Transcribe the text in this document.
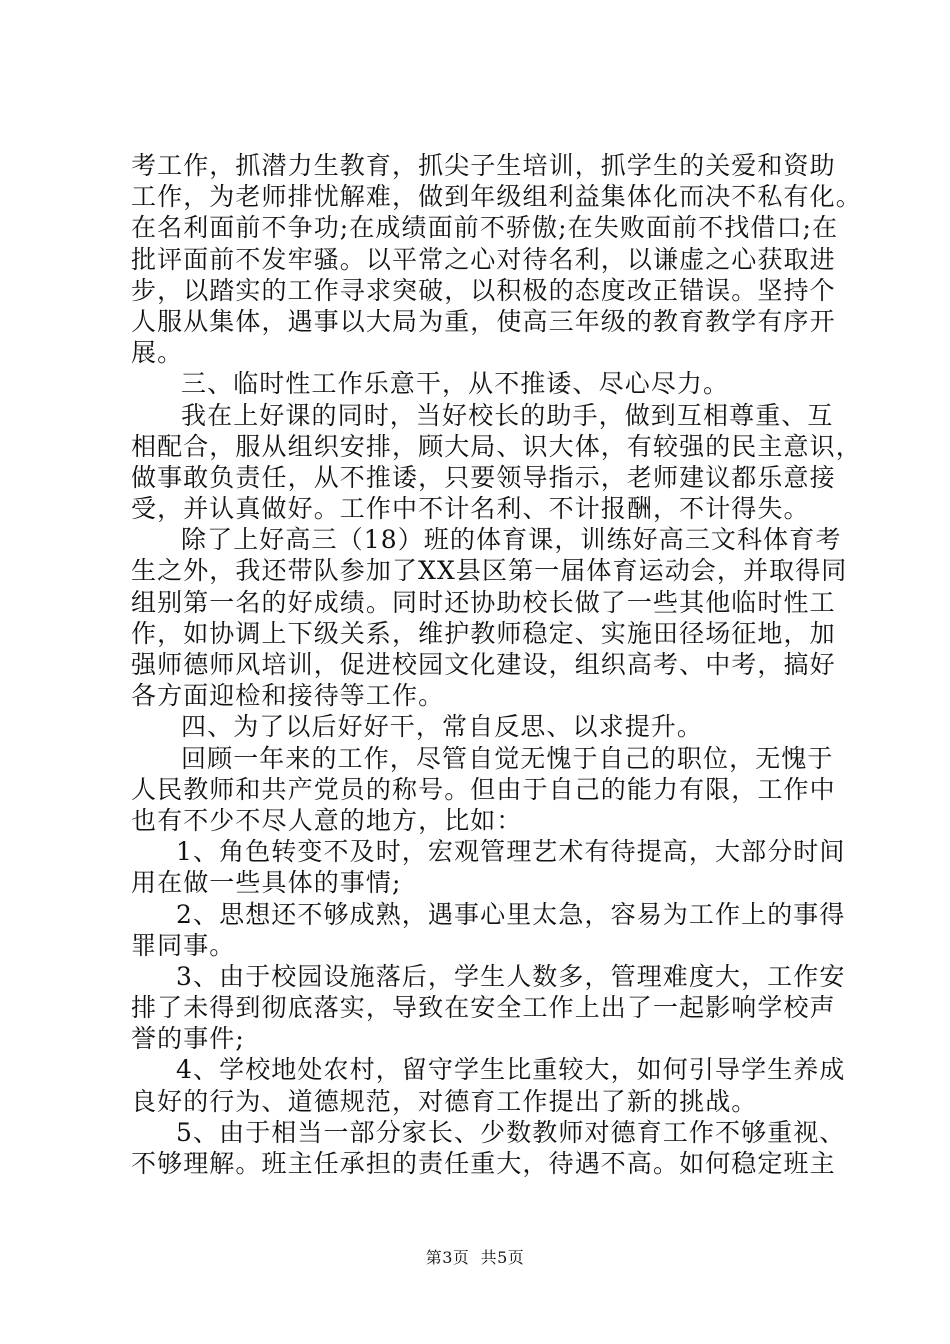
考工作，抓潜力生教育，抓尖子生培训，抓学生的关爱和资助
工作，为老师排忧解难，做到年级组利益集体化而决不私有化。
在名利面前不争功;在成绩面前不骄傲;在失败面前不找借口;在
批评面前不发牢骚。以平常之心对待名利，以谦虚之心获取进
步，以踏实的工作寻求突破，以积极的态度改正错误。坚持个
人服从集体，遇事以大局为重，使高三年级的教育教学有序开
展。
三、临时性工作乐意干，从不推诿、尽心尽力。
我在上好课的同时，当好校长的助手，做到互相尊重、互
相配合，服从组织安排，顾大局、识大体，有较强的民主意识，
做事敢负责任，从不推诿，只要领导指示，老师建议都乐意接
受，并认真做好。工作中不计名利、不计报酬，不计得失。
除了上好高三（18）班的体育课，训练好高三文科体育考
生之外，我还带队参加了XX县区第一届体育运动会，并取得同
组别第一名的好成绩。同时还协助校长做了一些其他临时性工
作，如协调上下级关系，维护教师稳定、实施田径场征地，加
强师德师风培训，促进校园文化建设，组织高考、中考，搞好
各方面迎检和接待等工作。
四、为了以后好好干，常自反思、以求提升。
回顾一年来的工作，尽管自觉无愧于自己的职位，无愧于
人民教师和共产党员的称号。但由于自己的能力有限，工作中
也有不少不尽人意的地方，比如：
1、角色转变不及时，宏观管理艺术有待提高，大部分时间
用在做一些具体的事情;
2、思想还不够成熟，遇事心里太急，容易为工作上的事得
罪同事。
3、由于校园设施落后，学生人数多，管理难度大，工作安
排了未得到彻底落实，导致在安全工作上出了一起影响学校声
誉的事件;
4、学校地处农村，留守学生比重较大，如何引导学生养成
良好的行为、道德规范，对德育工作提出了新的挑战。
5、由于相当一部分家长、少数教师对德育工作不够重视、
不够理解。班主任承担的责任重大，待遇不高。如何稳定班主
第3页  共5页
